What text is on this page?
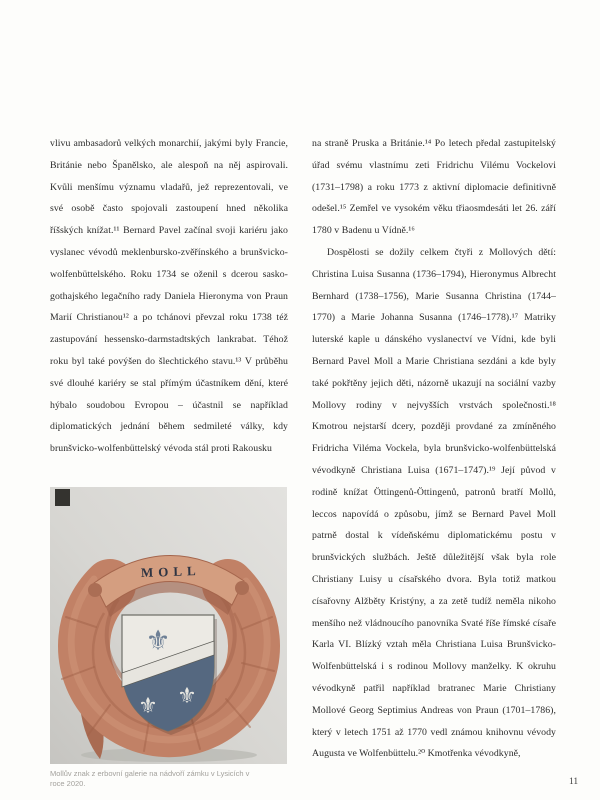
vlivu ambasadorů velkých monarchií, jakými byly Francie, Británie nebo Španělsko, ale alespoň na něj aspirovali. Kvůli menšímu významu vladařů, jež reprezentovali, ve své osobě často spojovali zastoupení hned několika říšských knížat.¹¹ Bernard Pavel začínal svoji kariéru jako vyslanec vévodů meklenbursko-zvěřínského a brunšvicko-wolfenbüttelského. Roku 1734 se oženil s dcerou sasko-gothajského legačního rady Daniela Hieronyma von Praun Marií Christianou¹² a po tchánovi převzal roku 1738 též zastupování hessensko-darmstadtských lankrabat. Téhož roku byl také povýšen do šlechtického stavu.¹³ V průběhu své dlouhé kariéry se stal přímým účastníkem dění, které hýbalo soudobou Evropou – účastnil se například diplomatických jednání během sedmileté války, kdy brunšvicko-wolfenbüttelský vévoda stál proti Rakousku

na straně Pruska a Británie.¹⁴ Po letech předal zastupitelský úřad svému vlastnímu zeti Fridrichu Vilému Vockelovi (1731–1798) a roku 1773 z aktivní diplomacie definitivně odešel.¹⁵ Zemřel ve vysokém věku třiaosmdesáti let 26. září 1780 v Badenu u Vídně.¹⁶

Dospělosti se dožily celkem čtyři z Mollových dětí: Christina Luisa Susanna (1736–1794), Hieronymus Albrecht Bernhard (1738–1756), Marie Susanna Christina (1744–1770) a Marie Johanna Susanna (1746–1778).¹⁷ Matriky luterské kaple u dánského vyslanectví ve Vídni, kde byli Bernard Pavel Moll a Marie Christiana sezdáni a kde byly také pokřtěny jejich děti, názorně ukazují na sociální vazby Mollovy rodiny v nejvyšších vrstvách společnosti.¹⁸ Kmotrou nejstarší dcery, později provdané za zmíněného Fridricha Viléma Vockela, byla brunšvicko-wolfenbüttelská vévodkyně Christiana Luisa (1671–1747).¹⁹ Její původ v rodině knížat Öttingenů-Öttingenů, patronů bratří Mollů, leccos napovídá o způsobu, jímž se Bernard Pavel Moll patrně dostal k vídeňskému diplomatickému postu v brunšvických službách. Ještě důležitější však byla role Christiany Luisy u císařského dvora. Byla totiž matkou císařovny Alžběty Kristýny, a za zetě tudíž neměla nikoho menšího než vládnoucího panovníka Svaté říše římské císaře Karla VI. Blízký vztah měla Christiana Luisa Brunšvicko-Wolfenbüttelská i s rodinou Mollovy manželky. K okruhu vévodkyně patřil například bratranec Marie Christiany Mollové Georg Septimius Andreas von Praun (1701–1786), který v letech 1751 až 1770 vedl známou knihovnu vévody Augusta ve Wolfenbüttelu.²⁰ Kmotřenka vévodkyně,

MOLL
⚜
⚜ ⚜
Mollův znak z erbovní galerie na nádvoří zámku v Lysicích v roce 2020.	11
